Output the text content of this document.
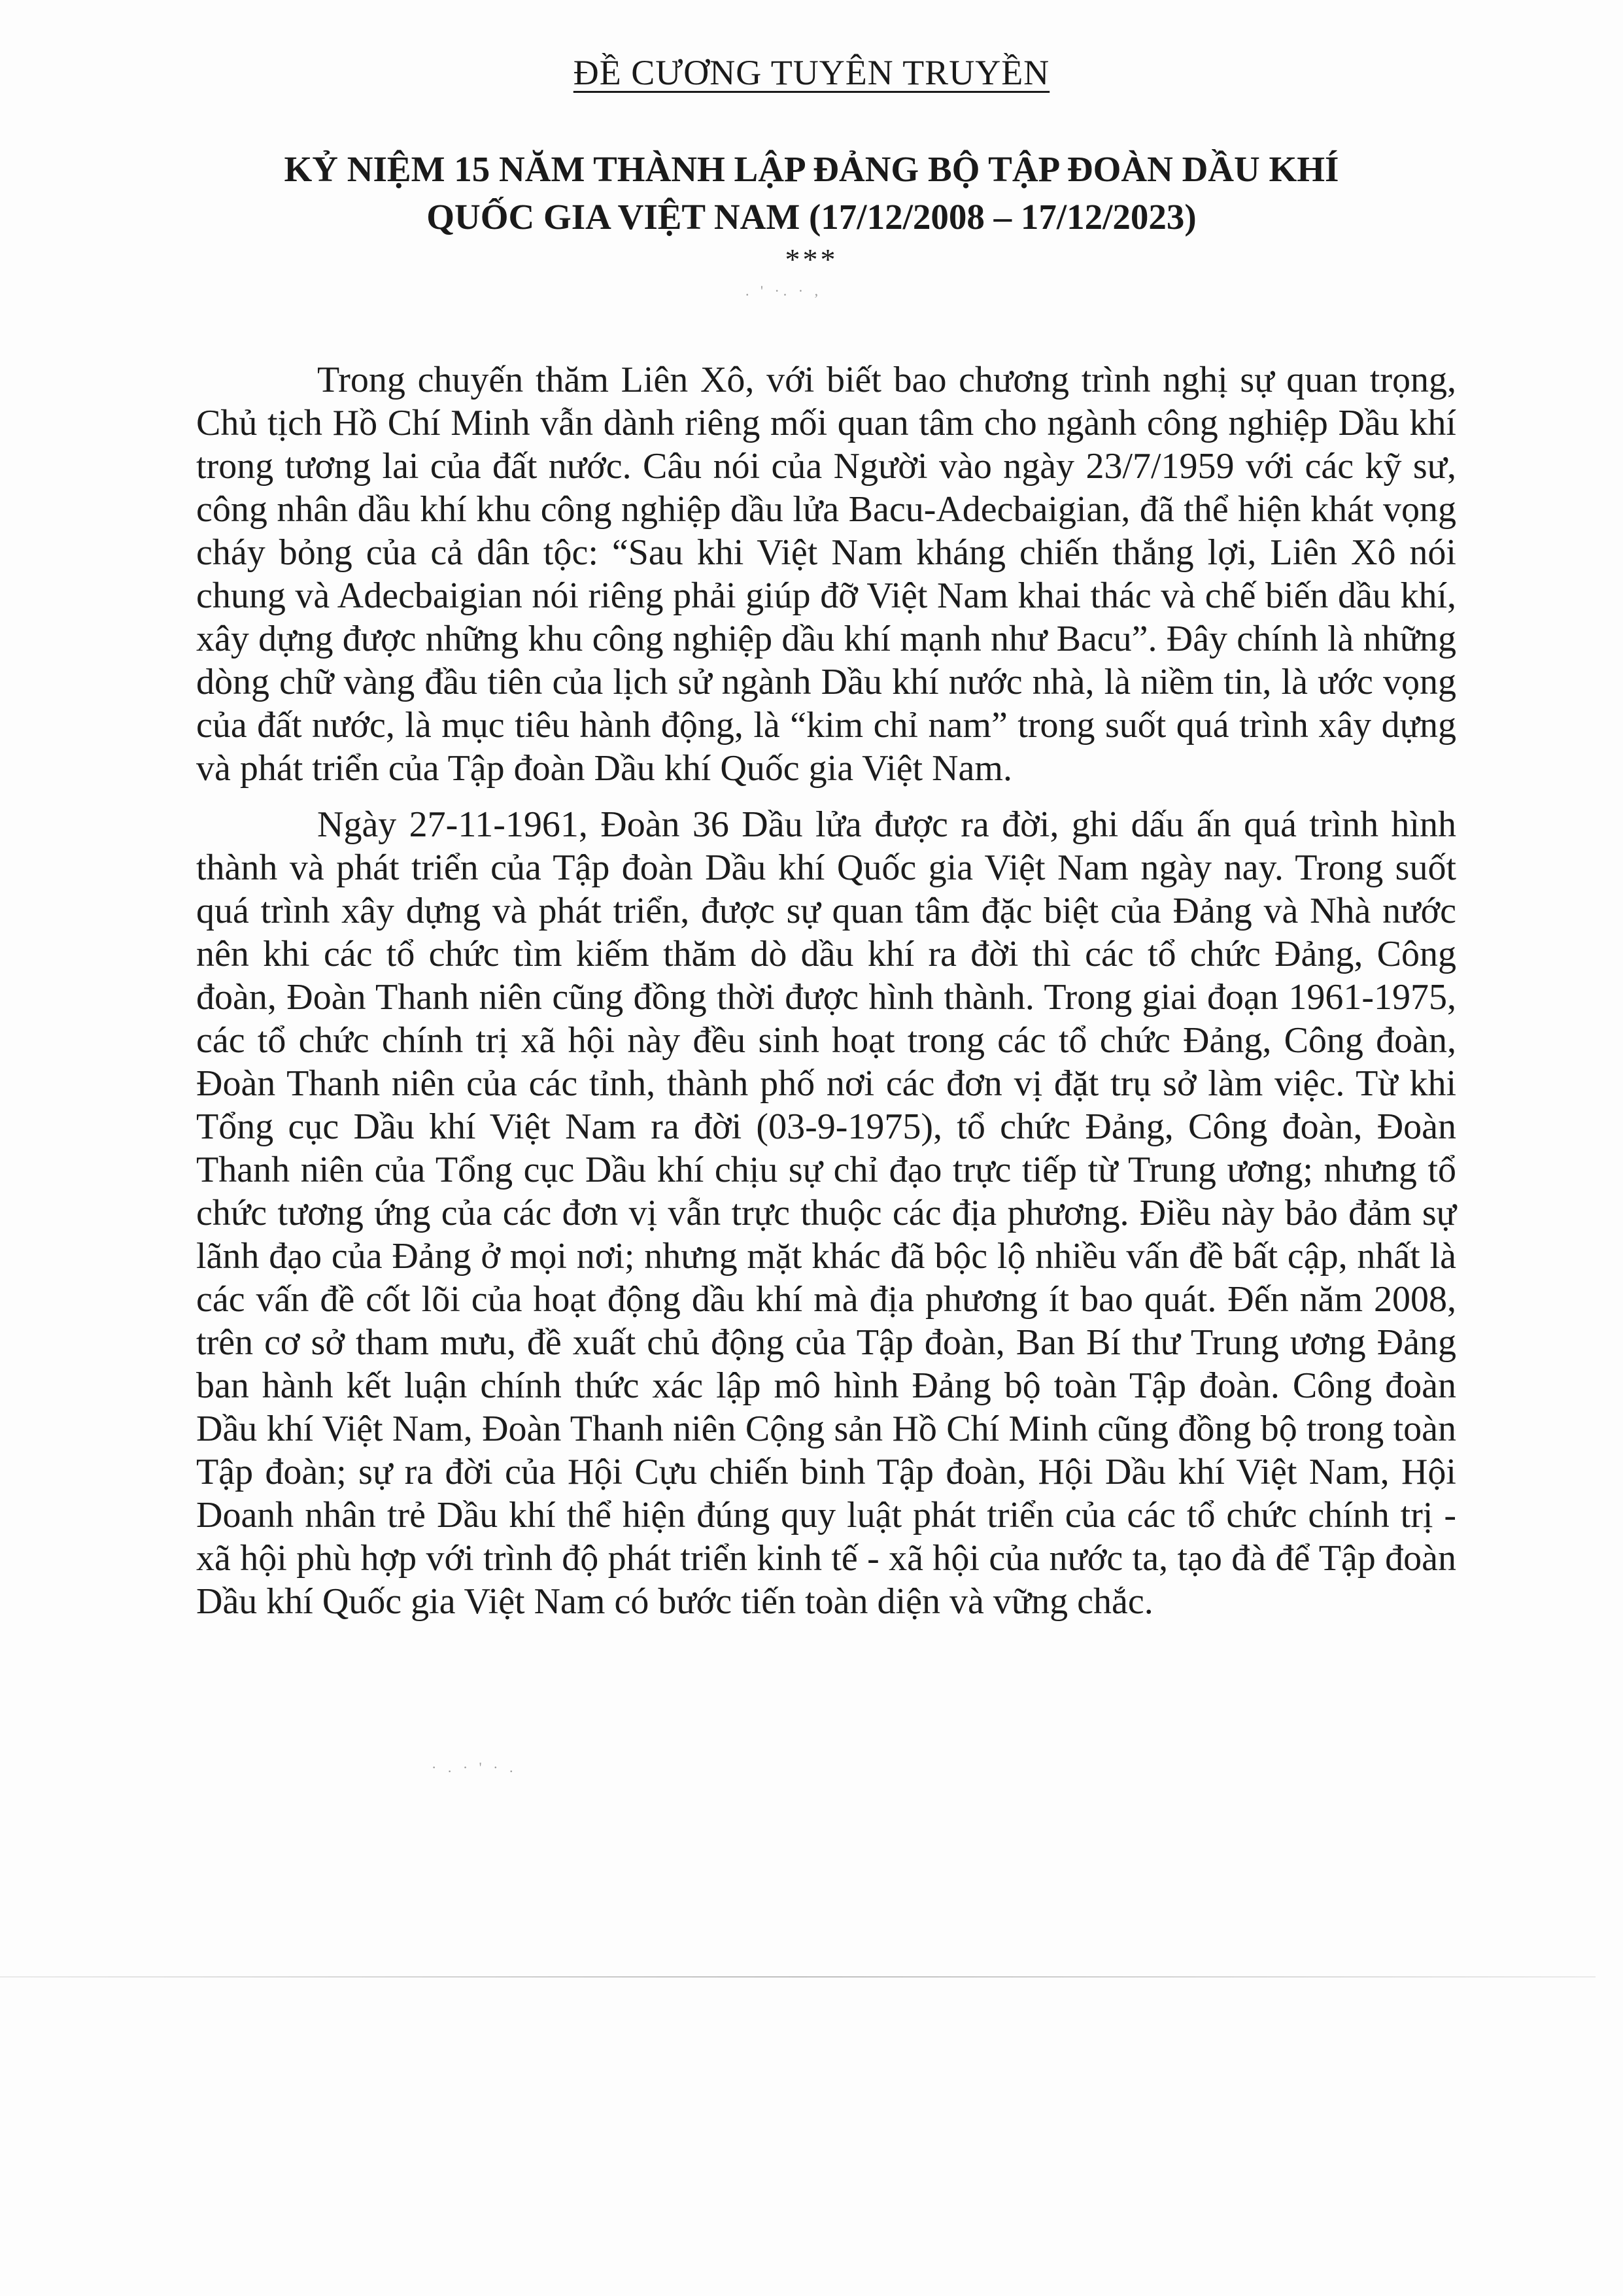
ĐỀ CƯƠNG TUYÊN TRUYỀN
KỶ NIỆM 15 NĂM THÀNH LẬP ĐẢNG BỘ TẬP ĐOÀN DẦU KHÍ
QUỐC GIA VIỆT NAM (17/12/2008 – 17/12/2023)
***
. ' ·. · ,
· . · ' · .

Trong chuyến thăm Liên Xô, với biết bao chương trình nghị sự quan trọng, Chủ tịch Hồ Chí Minh vẫn dành riêng mối quan tâm cho ngành công nghiệp Dầu khí trong tương lai của đất nước. Câu nói của Người vào ngày 23/7/1959 với các kỹ sư, công nhân dầu khí khu công nghiệp dầu lửa Bacu-Adecbaigian, đã thể hiện khát vọng cháy bỏng của cả dân tộc: “Sau khi Việt Nam kháng chiến thắng lợi, Liên Xô nói chung và Adecbaigian nói riêng phải giúp đỡ Việt Nam khai thác và chế biến dầu khí, xây dựng được những khu công nghiệp dầu khí mạnh như Bacu”. Đây chính là những dòng chữ vàng đầu tiên của lịch sử ngành Dầu khí nước nhà, là niềm tin, là ước vọng của đất nước, là mục tiêu hành động, là “kim chỉ nam” trong suốt quá trình xây dựng và phát triển của Tập đoàn Dầu khí Quốc gia Việt Nam.

Ngày 27-11-1961, Đoàn 36 Dầu lửa được ra đời, ghi dấu ấn quá trình hình thành và phát triển của Tập đoàn Dầu khí Quốc gia Việt Nam ngày nay. Trong suốt quá trình xây dựng và phát triển, được sự quan tâm đặc biệt của Đảng và Nhà nước nên khi các tổ chức tìm kiếm thăm dò dầu khí ra đời thì các tổ chức Đảng, Công đoàn, Đoàn Thanh niên cũng đồng thời được hình thành. Trong giai đoạn 1961-1975, các tổ chức chính trị xã hội này đều sinh hoạt trong các tổ chức Đảng, Công đoàn, Đoàn Thanh niên của các tỉnh, thành phố nơi các đơn vị đặt trụ sở làm việc. Từ khi Tổng cục Dầu khí Việt Nam ra đời (03-9-1975), tổ chức Đảng, Công đoàn, Đoàn Thanh niên của Tổng cục Dầu khí chịu sự chỉ đạo trực tiếp từ Trung ương; nhưng tổ chức tương ứng của các đơn vị vẫn trực thuộc các địa phương. Điều này bảo đảm sự lãnh đạo của Đảng ở mọi nơi; nhưng mặt khác đã bộc lộ nhiều vấn đề bất cập, nhất là các vấn đề cốt lõi của hoạt động dầu khí mà địa phương ít bao quát. Đến năm 2008, trên cơ sở tham mưu, đề xuất chủ động của Tập đoàn, Ban Bí thư Trung ương Đảng ban hành kết luận chính thức xác lập mô hình Đảng bộ toàn Tập đoàn. Công đoàn Dầu khí Việt Nam, Đoàn Thanh niên Cộng sản Hồ Chí Minh cũng đồng bộ trong toàn Tập đoàn; sự ra đời của Hội Cựu chiến binh Tập đoàn, Hội Dầu khí Việt Nam, Hội Doanh nhân trẻ Dầu khí thể hiện đúng quy luật phát triển của các tổ chức chính trị - xã hội phù hợp với trình độ phát triển kinh tế - xã hội của nước ta, tạo đà để Tập đoàn Dầu khí Quốc gia Việt Nam có bước tiến toàn diện và vững chắc.
